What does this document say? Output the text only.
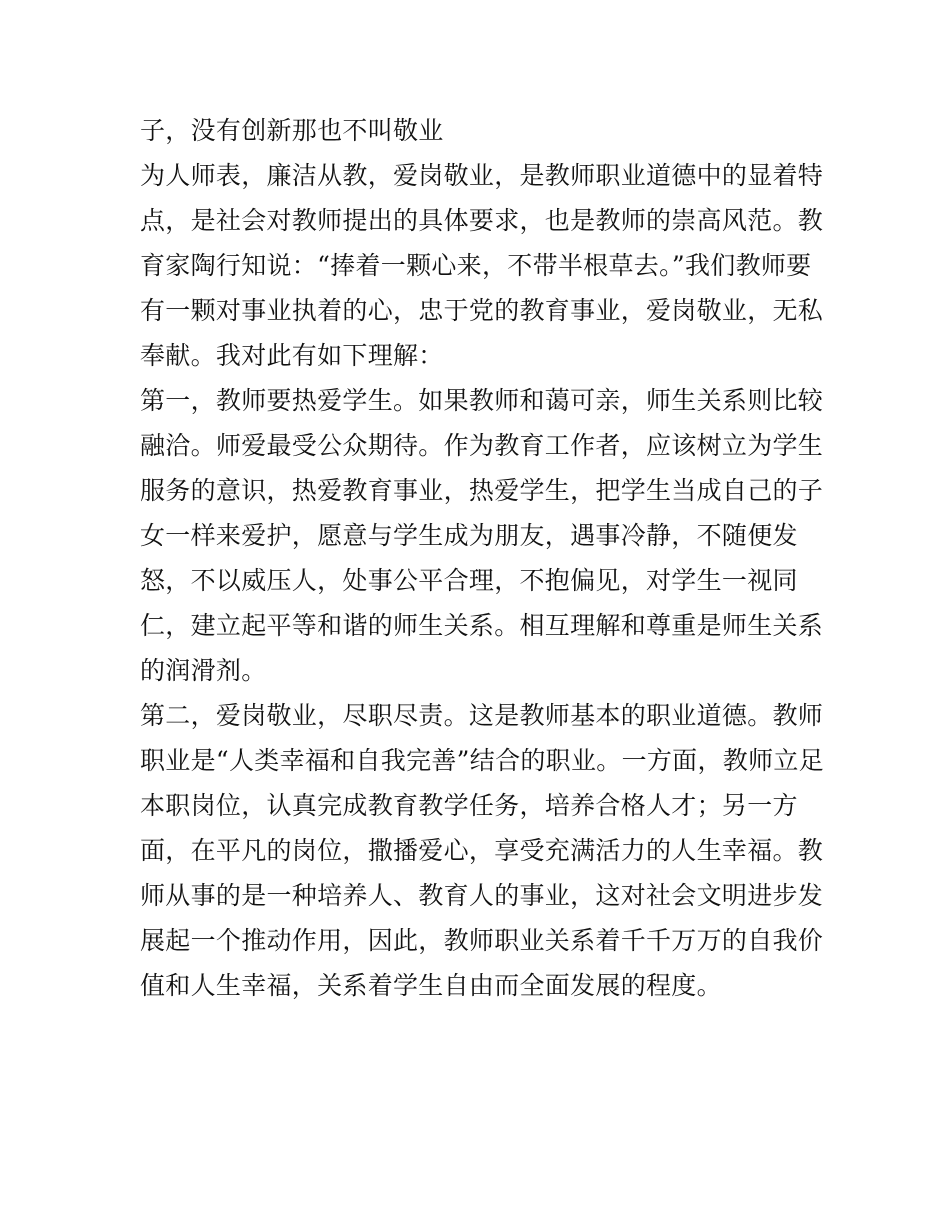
子，没有创新那也不叫敬业
为人师表，廉洁从教，爱岗敬业，是教师职业道德中的显着特
点，是社会对教师提出的具体要求，也是教师的崇高风范。教
育家陶行知说：“捧着一颗心来，不带半根草去。”我们教师要
有一颗对事业执着的心，忠于党的教育事业，爱岗敬业，无私
奉献。我对此有如下理解：
第一，教师要热爱学生。如果教师和蔼可亲，师生关系则比较
融洽。师爱最受公众期待。作为教育工作者，应该树立为学生
服务的意识，热爱教育事业，热爱学生，把学生当成自己的子
女一样来爱护，愿意与学生成为朋友，遇事冷静，不随便发
怒，不以威压人，处事公平合理，不抱偏见，对学生一视同
仁，建立起平等和谐的师生关系。相互理解和尊重是师生关系
的润滑剂。
第二，爱岗敬业，尽职尽责。这是教师基本的职业道德。教师
职业是“人类幸福和自我完善”结合的职业。一方面，教师立足
本职岗位，认真完成教育教学任务，培养合格人才；另一方
面，在平凡的岗位，撒播爱心，享受充满活力的人生幸福。教
师从事的是一种培养人、教育人的事业，这对社会文明进步发
展起一个推动作用，因此，教师职业关系着千千万万的自我价
值和人生幸福，关系着学生自由而全面发展的程度。
